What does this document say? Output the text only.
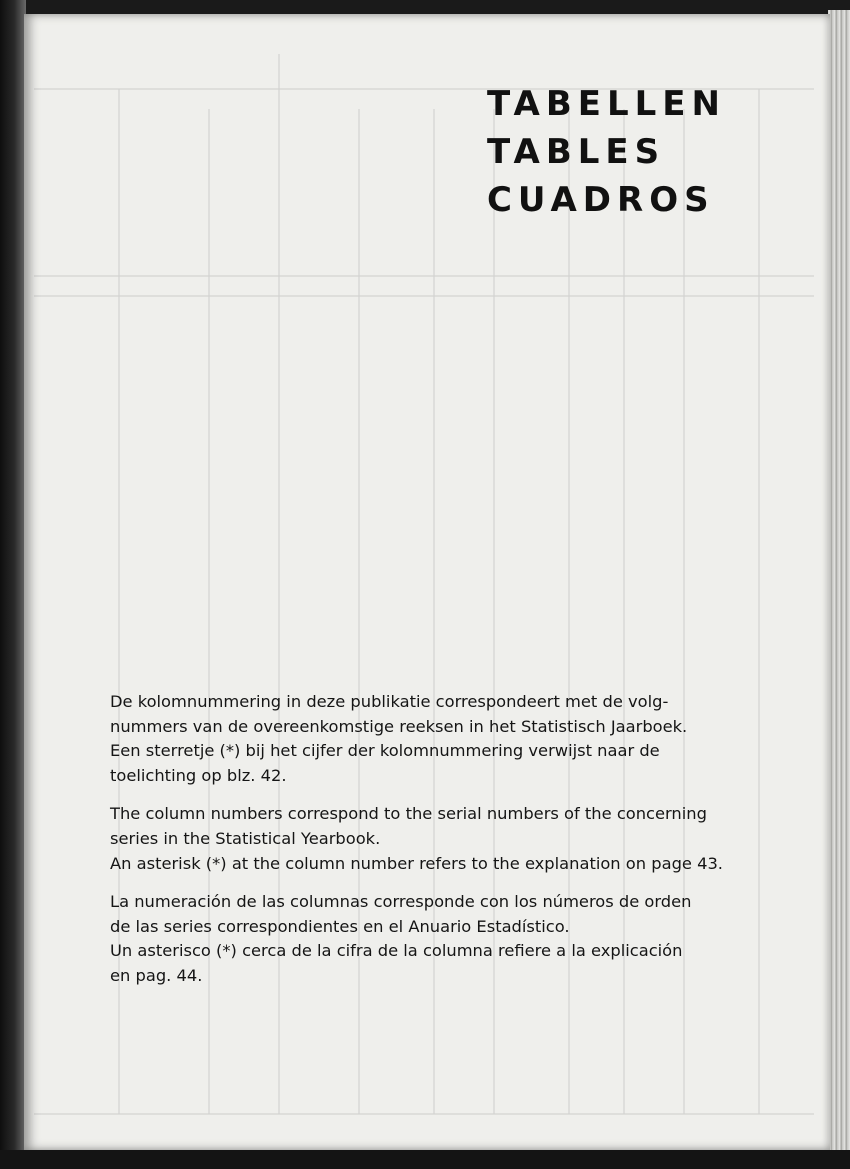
TABELLEN
TABLES
CUADROS

De kolomnummering in deze publikatie correspondeert met de volg-
nummers van de overeenkomstige reeksen in het Statistisch Jaarboek.
Een sterretje (*) bij het cijfer der kolomnummering verwijst naar de
toelichting op blz. 42.

The column numbers correspond to the serial numbers of the concerning
series in the Statistical Yearbook.
An asterisk (*) at the column number refers to the explanation on page 43.

La numeración de las columnas corresponde con los números de orden
de las series correspondientes en el Anuario Estadístico.
Un asterisco (*) cerca de la cifra de la columna refiere a la explicación
en pag. 44.
